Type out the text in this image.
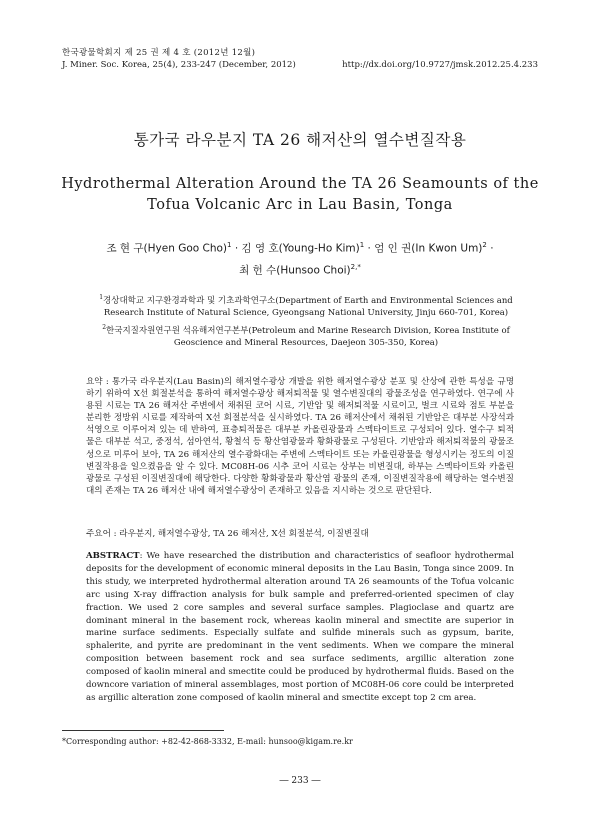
한국광물학회지 제 25 권 제 4 호 (2012년 12월)
J. Miner. Soc. Korea, 25(4), 233-247 (December, 2012)	http://dx.doi.org/10.9727/jmsk.2012.25.4.233
통가국 라우분지 TA 26 해저산의 열수변질작용
Hydrothermal Alteration Around the TA 26 Seamounts of the Tofua Volcanic Arc in Lau Basin, Tonga
조 현 구(Hyen Goo Cho)$^1$ · 김 영 호(Young-Ho Kim)$^1$ · 엄 인 권(In Kwon Um)$^2$ ·
최 헌 수(Hunsoo Choi)$^{2,*}$

$^1$경상대학교 지구환경과학과 및 기초과학연구소(Department of Earth and Environmental Sciences and Research Institute of Natural Science, Gyeongsang National University, Jinju 660-701, Korea)

$^2$한국지질자원연구원 석유해저연구본부(Petroleum and Marine Research Division, Korea Institute of Geoscience and Mineral Resources, Daejeon 305-350, Korea)

요약 : 통가국 라우분지(Lau Basin)의 해저열수광상 개발을 위한 해저열수광상 분포 및 산상에 관한 특성을 규명하기 위하여 X선 회절분석을 통하여 해저열수광상 해저퇴적물 및 열수변질대의 광물조성을 연구하였다. 연구에 사용된 시료는 TA 26 해저산 주변에서 채취된 코어 시료, 기반암 및 해저퇴적물 시료이고, 벌크 시료와 점토 부분을 분리한 정방위 시료를 제작하여 X선 회절분석을 실시하였다. TA 26 해저산에서 채취된 기반암은 대부분 사장석과 석영으로 이루어져 있는 데 반하여, 표층퇴적물은 대부분 카올린광물과 스멕타이트로 구성되어 있다. 열수구 퇴적물은 대부분 석고, 중정석, 섬아연석, 황철석 등 황산염광물과 황화광물로 구성된다. 기반암과 해저퇴적물의 광물조성으로 미루어 보아, TA 26 해저산의 열수광화대는 주변에 스멕타이트 또는 카올린광물을 형성시키는 정도의 이질변질작용을 일으켰음을 알 수 있다. MC08H-06 시추 코어 시료는 상부는 비변질대, 하부는 스멕타이트와 카올린광물로 구성된 이질변질대에 해당한다. 다양한 황화광물과 황산염 광물의 존재, 이질변질작용에 해당하는 열수변질대의 존재는 TA 26 해저산 내에 해저열수광상이 존재하고 있음을 지시하는 것으로 판단된다.
주요어 : 라우분지, 해저열수광상, TA 26 해저산, X선 회절분석, 이질변질대
ABSTRACT: We have researched the distribution and characteristics of seafloor hydrothermal deposits for the development of economic mineral deposits in the Lau Basin, Tonga since 2009. In this study, we interpreted hydrothermal alteration around TA 26 seamounts of the Tofua volcanic arc using X-ray diffraction analysis for bulk sample and preferred-oriented specimen of clay fraction. We used 2 core samples and several surface samples. Plagioclase and quartz are dominant mineral in the basement rock, whereas kaolin mineral and smectite are superior in marine surface sediments. Especially sulfate and sulfide minerals such as gypsum, barite, sphalerite, and pyrite are predominant in the vent sediments. When we compare the mineral composition between basement rock and sea surface sediments, argillic alteration zone composed of kaolin mineral and smectite could be produced by hydrothermal fluids. Based on the downcore variation of mineral assemblages, most portion of MC08H-06 core could be interpreted as argillic alteration zone composed of kaolin mineral and smectite except top 2 cm area.
*Corresponding author: +82-42-868-3332, E-mail: hunsoo@kigam.re.kr
― 233 ―
